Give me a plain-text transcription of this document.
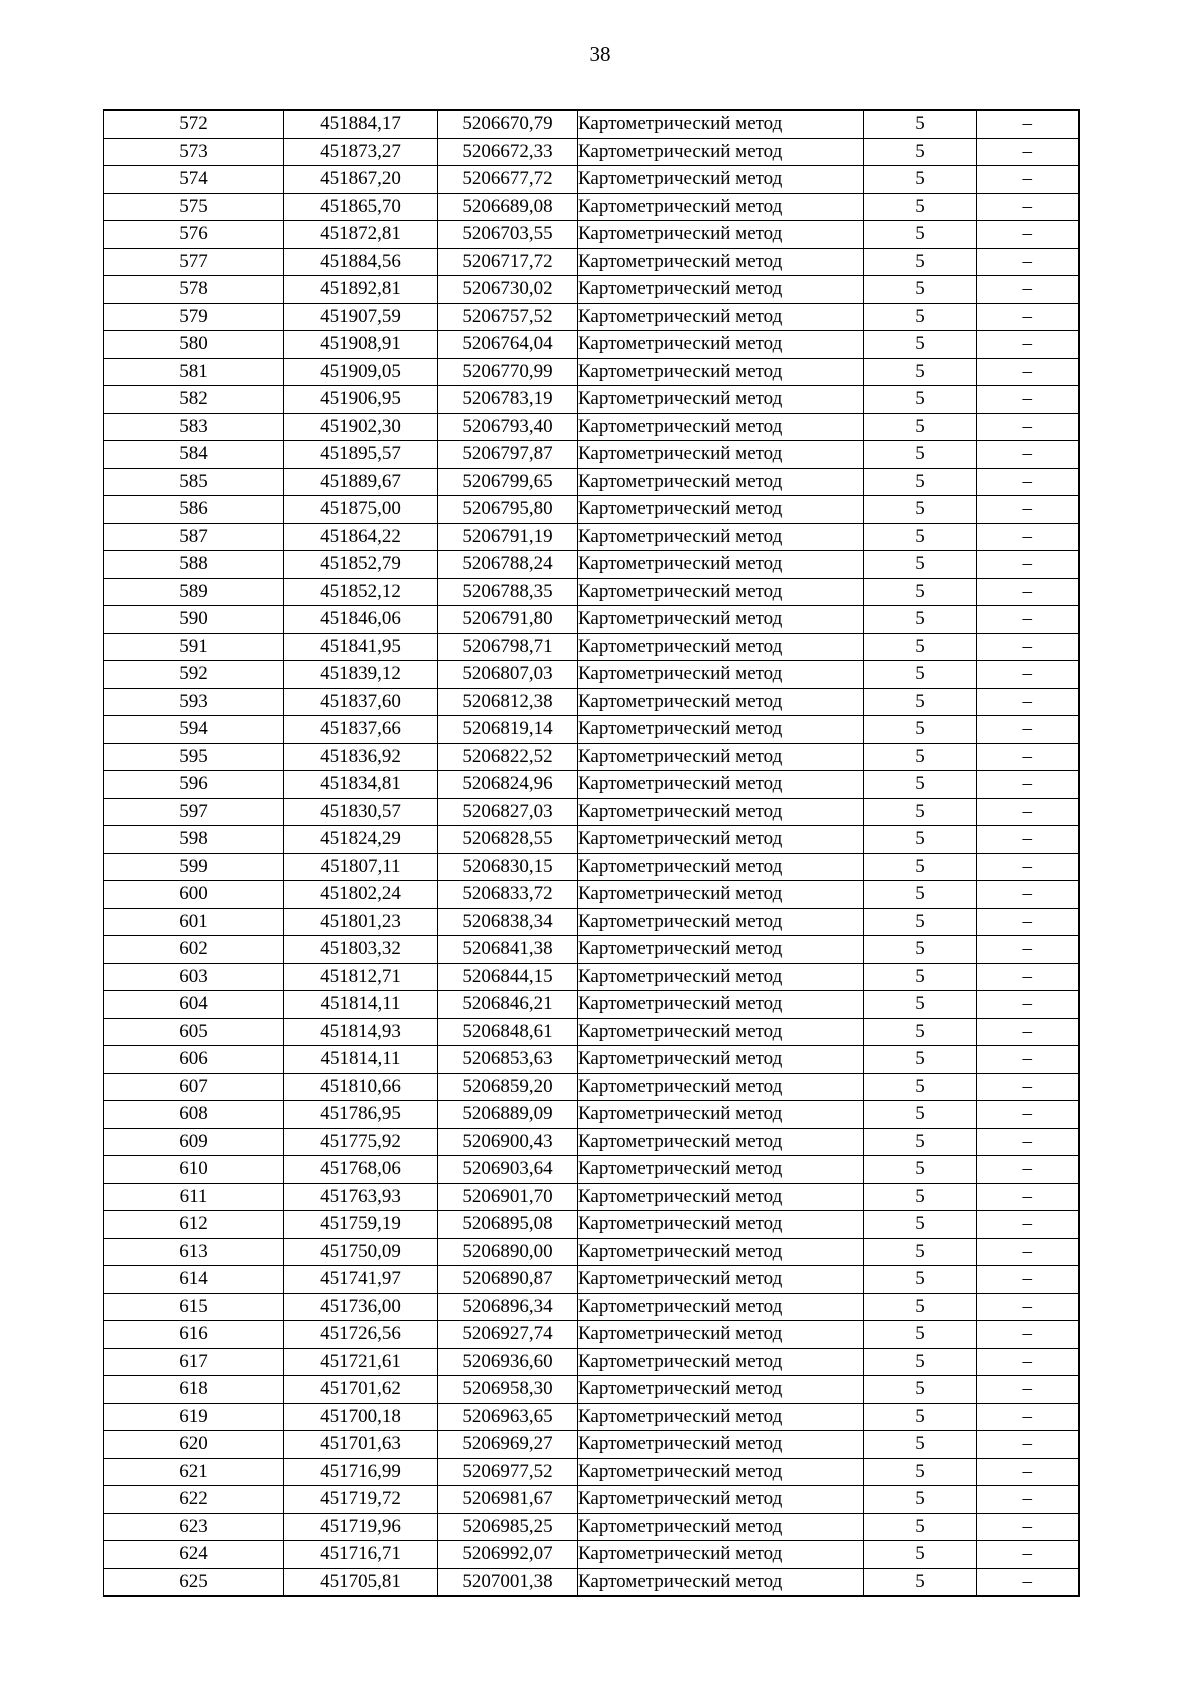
38
572	451884,17	5206670,79	Картометрический метод	5	–
573	451873,27	5206672,33	Картометрический метод	5	–
574	451867,20	5206677,72	Картометрический метод	5	–
575	451865,70	5206689,08	Картометрический метод	5	–
576	451872,81	5206703,55	Картометрический метод	5	–
577	451884,56	5206717,72	Картометрический метод	5	–
578	451892,81	5206730,02	Картометрический метод	5	–
579	451907,59	5206757,52	Картометрический метод	5	–
580	451908,91	5206764,04	Картометрический метод	5	–
581	451909,05	5206770,99	Картометрический метод	5	–
582	451906,95	5206783,19	Картометрический метод	5	–
583	451902,30	5206793,40	Картометрический метод	5	–
584	451895,57	5206797,87	Картометрический метод	5	–
585	451889,67	5206799,65	Картометрический метод	5	–
586	451875,00	5206795,80	Картометрический метод	5	–
587	451864,22	5206791,19	Картометрический метод	5	–
588	451852,79	5206788,24	Картометрический метод	5	–
589	451852,12	5206788,35	Картометрический метод	5	–
590	451846,06	5206791,80	Картометрический метод	5	–
591	451841,95	5206798,71	Картометрический метод	5	–
592	451839,12	5206807,03	Картометрический метод	5	–
593	451837,60	5206812,38	Картометрический метод	5	–
594	451837,66	5206819,14	Картометрический метод	5	–
595	451836,92	5206822,52	Картометрический метод	5	–
596	451834,81	5206824,96	Картометрический метод	5	–
597	451830,57	5206827,03	Картометрический метод	5	–
598	451824,29	5206828,55	Картометрический метод	5	–
599	451807,11	5206830,15	Картометрический метод	5	–
600	451802,24	5206833,72	Картометрический метод	5	–
601	451801,23	5206838,34	Картометрический метод	5	–
602	451803,32	5206841,38	Картометрический метод	5	–
603	451812,71	5206844,15	Картометрический метод	5	–
604	451814,11	5206846,21	Картометрический метод	5	–
605	451814,93	5206848,61	Картометрический метод	5	–
606	451814,11	5206853,63	Картометрический метод	5	–
607	451810,66	5206859,20	Картометрический метод	5	–
608	451786,95	5206889,09	Картометрический метод	5	–
609	451775,92	5206900,43	Картометрический метод	5	–
610	451768,06	5206903,64	Картометрический метод	5	–
611	451763,93	5206901,70	Картометрический метод	5	–
612	451759,19	5206895,08	Картометрический метод	5	–
613	451750,09	5206890,00	Картометрический метод	5	–
614	451741,97	5206890,87	Картометрический метод	5	–
615	451736,00	5206896,34	Картометрический метод	5	–
616	451726,56	5206927,74	Картометрический метод	5	–
617	451721,61	5206936,60	Картометрический метод	5	–
618	451701,62	5206958,30	Картометрический метод	5	–
619	451700,18	5206963,65	Картометрический метод	5	–
620	451701,63	5206969,27	Картометрический метод	5	–
621	451716,99	5206977,52	Картометрический метод	5	–
622	451719,72	5206981,67	Картометрический метод	5	–
623	451719,96	5206985,25	Картометрический метод	5	–
624	451716,71	5206992,07	Картометрический метод	5	–
625	451705,81	5207001,38	Картометрический метод	5	–
